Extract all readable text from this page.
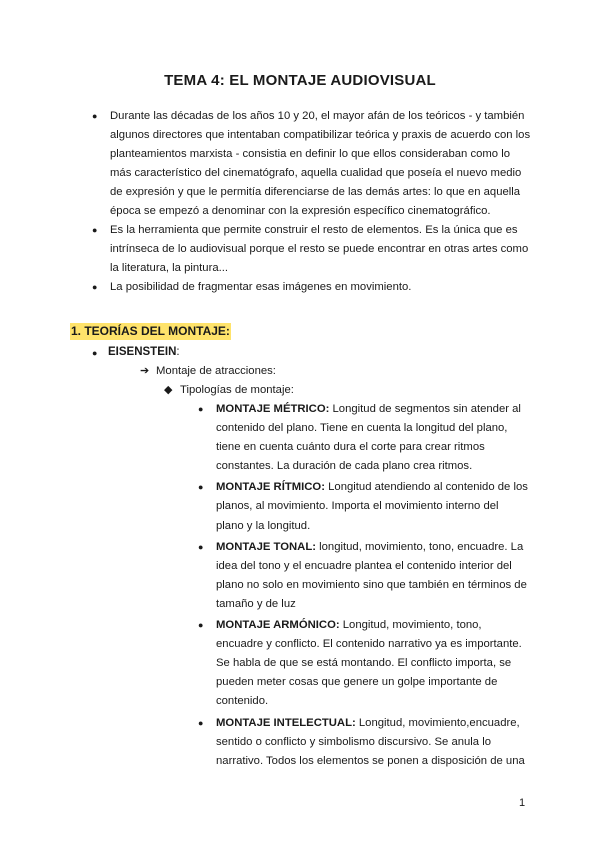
TEMA 4: EL MONTAJE AUDIOVISUAL
● Durante las décadas de los años 10 y 20, el mayor afán de los teóricos - y también algunos directores que intentaban compatibilizar teórica y praxis de acuerdo con los planteamientos marxista - consistia en definir lo que ellos consideraban como lo más característico del cinematógrafo, aquella cualidad que poseía el nuevo medio de expresión y que le permitía diferenciarse de las demás artes: lo que en aquella época se empezó a denominar con la expresión específico cinematográfico.
● Es la herramienta que permite construir el resto de elementos. Es la única que es intrínseca de lo audiovisual porque el resto se puede encontrar en otras artes como la literatura, la pintura...
● La posibilidad de fragmentar esas imágenes en movimiento.
1. TEORÍAS DEL MONTAJE:
● EISENSTEIN:
➔ Montaje de atracciones:
◆ Tipologías de montaje:
● MONTAJE MÉTRICO: Longitud de segmentos sin atender al contenido del plano. Tiene en cuenta la longitud del plano, tiene en cuenta cuánto dura el corte para crear ritmos constantes. La duración de cada plano crea ritmos.
● MONTAJE RÍTMICO: Longitud atendiendo al contenido de los planos, al movimiento. Importa el movimiento interno del plano y la longitud.
● MONTAJE TONAL: longitud, movimiento, tono, encuadre. La idea del tono y el encuadre plantea el contenido interior del plano no solo en movimiento sino que también en términos de tamaño y de luz
● MONTAJE ARMÓNICO: Longitud, movimiento, tono, encuadre y conflicto. El contenido narrativo ya es importante. Se habla de que se está montando. El conflicto importa, se pueden meter cosas que genere un golpe importante de contenido.
● MONTAJE INTELECTUAL: Longitud, movimiento,encuadre, sentido o conflicto y simbolismo discursivo. Se anula lo narrativo. Todos los elementos se ponen a disposición de una
1
